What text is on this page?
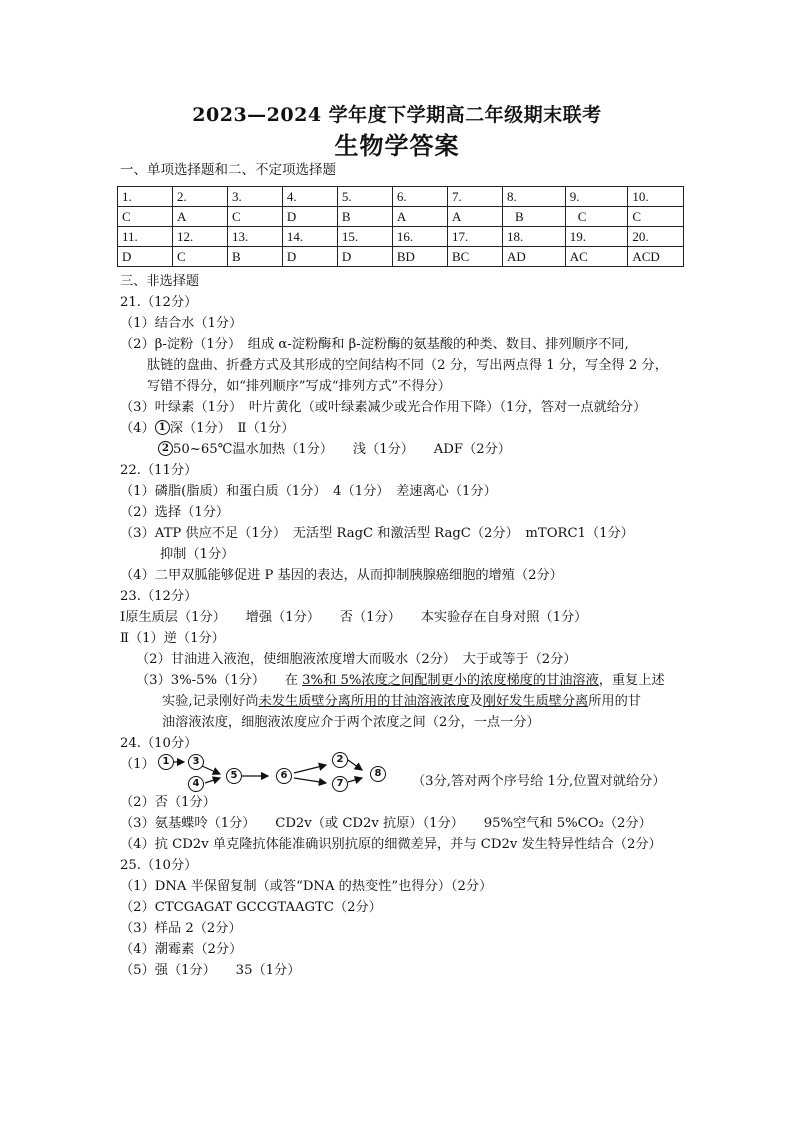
2023—2024 学年度下学期高二年级期末联考
生物学答案
一、单项选择题和二、不定项选择题
1.	2.	3.	4.	5.	6.	7.	8.	9.	10.
C	A	C	D	B	A	A	B	C	C
11.	12.	13.	14.	15.	16.	17.	18.	19.	20.
D	C	B	D	D	BD	BC	AD	AC	ACD
三、非选择题
21.（12分）
（1）结合水（1分）
（2）β-淀粉（1分）　组成 α-淀粉酶和 β-淀粉酶的氨基酸的种类、数目、排列顺序不同,
肽链的盘曲、折叠方式及其形成的空间结构不同（2 分，写出两点得 1 分，写全得 2 分，
写错不得分，如“排列顺序”写成“排列方式”不得分）
（3）叶绿素（1分）　叶片黄化（或叶绿素减少或光合作用下降）（1分，答对一点就给分）
（4） 1 深（1分）　Ⅱ（1分）
2 50~65℃温水加热（1分）　　浅（1分）　　ADF（2分）
22.（11分）
（1）磷脂(脂质）和蛋白质（1分）　4（1分）　差速离心（1分）
（2）选择（1分）
（3）ATP 供应不足（1分）　无活型 RagC 和激活型 RagC（2分）　mTORC1（1分）
抑制（1分）
（4）二甲双胍能够促进 P 基因的表达，从而抑制胰腺癌细胞的增殖（2分）
23.（12分）
Ⅰ原生质层（1分）　　增强（1分）　　否（1分）　　本实验存在自身对照（1分）
Ⅱ（1）逆（1分）
（2）甘油进入液泡，使细胞液浓度增大而吸水（2分）　大于或等于（2分）
（3）3%-5%（1分）　　在 3%和 5%浓度之间配制更小的浓度梯度的甘油溶液，重复上述
实验,记录刚好尚未发生质壁分离所用的甘油溶液浓度及刚好发生质壁分离所用的甘
油溶液浓度，细胞液浓度应介于两个浓度之间（2分，一点一分）
24.（10分）
（1） 1	3
4
5	6
2
7
8
（3分,答对两个序号给 1分,位置对就给分）
（2）否（1分）
（3）氨基蝶呤（1分）　　CD2v（或 CD2v 抗原）（1分）　　95%空气和 5%CO₂（2分）
（4）抗 CD2v 单克隆抗体能准确识别抗原的细微差异，并与 CD2v 发生特异性结合（2分）
25.（10分）
（1）DNA 半保留复制（或答“DNA 的热变性”也得分）（2分）
（2）CTCGAGAT GCCGTAAGTC（2分）
（3）样品 2（2分）
（4）潮霉素（2分）
（5）强（1分）　　35（1分）
